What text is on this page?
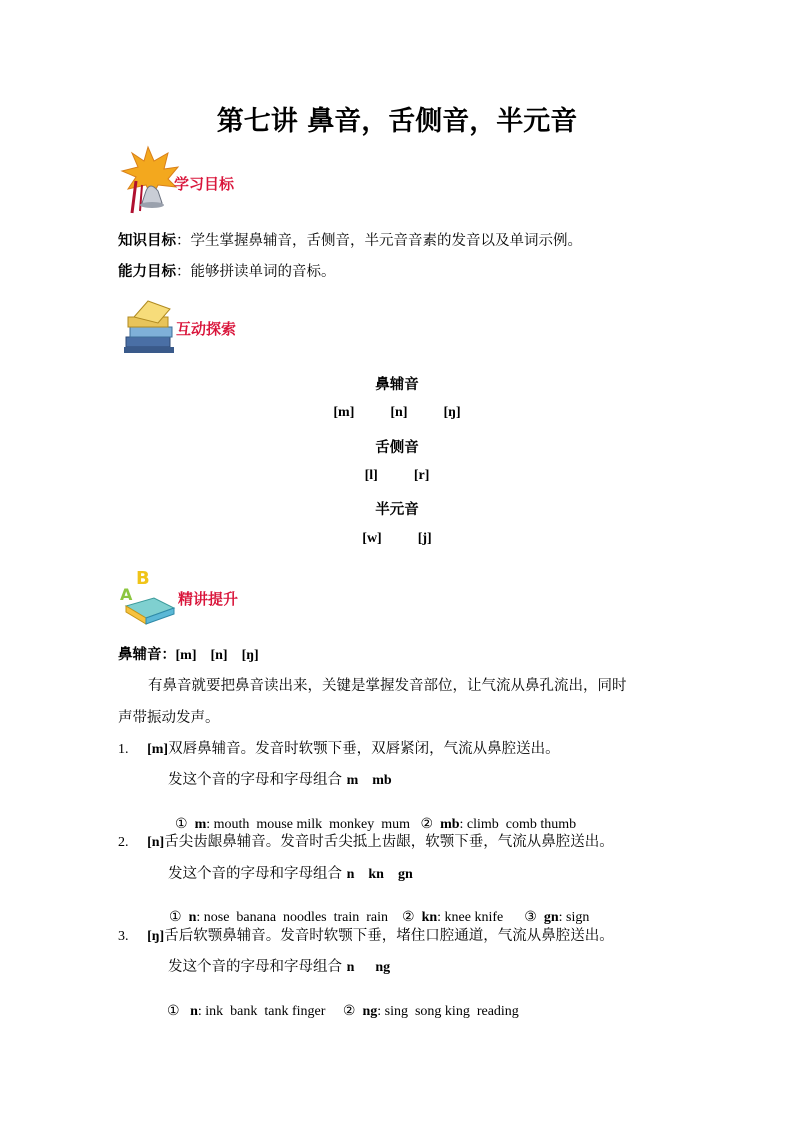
第七讲 鼻音，舌侧音，半元音
学习目标
知识目标：学生掌握鼻辅音，舌侧音，半元音音素的发音以及单词示例。
能力目标：能够拼读单词的音标。
互动探索
鼻辅音
[m]	[n]	[ŋ]
舌侧音
[l]	[r]
半元音
[w]	[j]
B
A	精讲提升
鼻辅音：[m]    [n]    [ŋ]
有鼻音就要把鼻音读出来，关键是掌握发音部位，让气流从鼻孔流出，同时
声带振动发声。
1. [m]双唇鼻辅音。发音时软颚下垂，双唇紧闭，气流从鼻腔送出。
发这个音的字母和字母组合 m    mb

① m: mouth  mouse milk  monkey  mum ② mb: climb  comb thumb

2. [n]舌尖齿龈鼻辅音。发音时舌尖抵上齿龈，软颚下垂，气流从鼻腔送出。
发这个音的字母和字母组合 n    kn    gn

① n: nose  banana  noodles  train  rain ② kn: knee knife ③ gn: sign

3. [ŋ]舌后软颚鼻辅音。发音时软颚下垂，堵住口腔通道，气流从鼻腔送出。
发这个音的字母和字母组合 n      ng

① n: ink  bank  tank finger ② ng: sing  song king  reading
